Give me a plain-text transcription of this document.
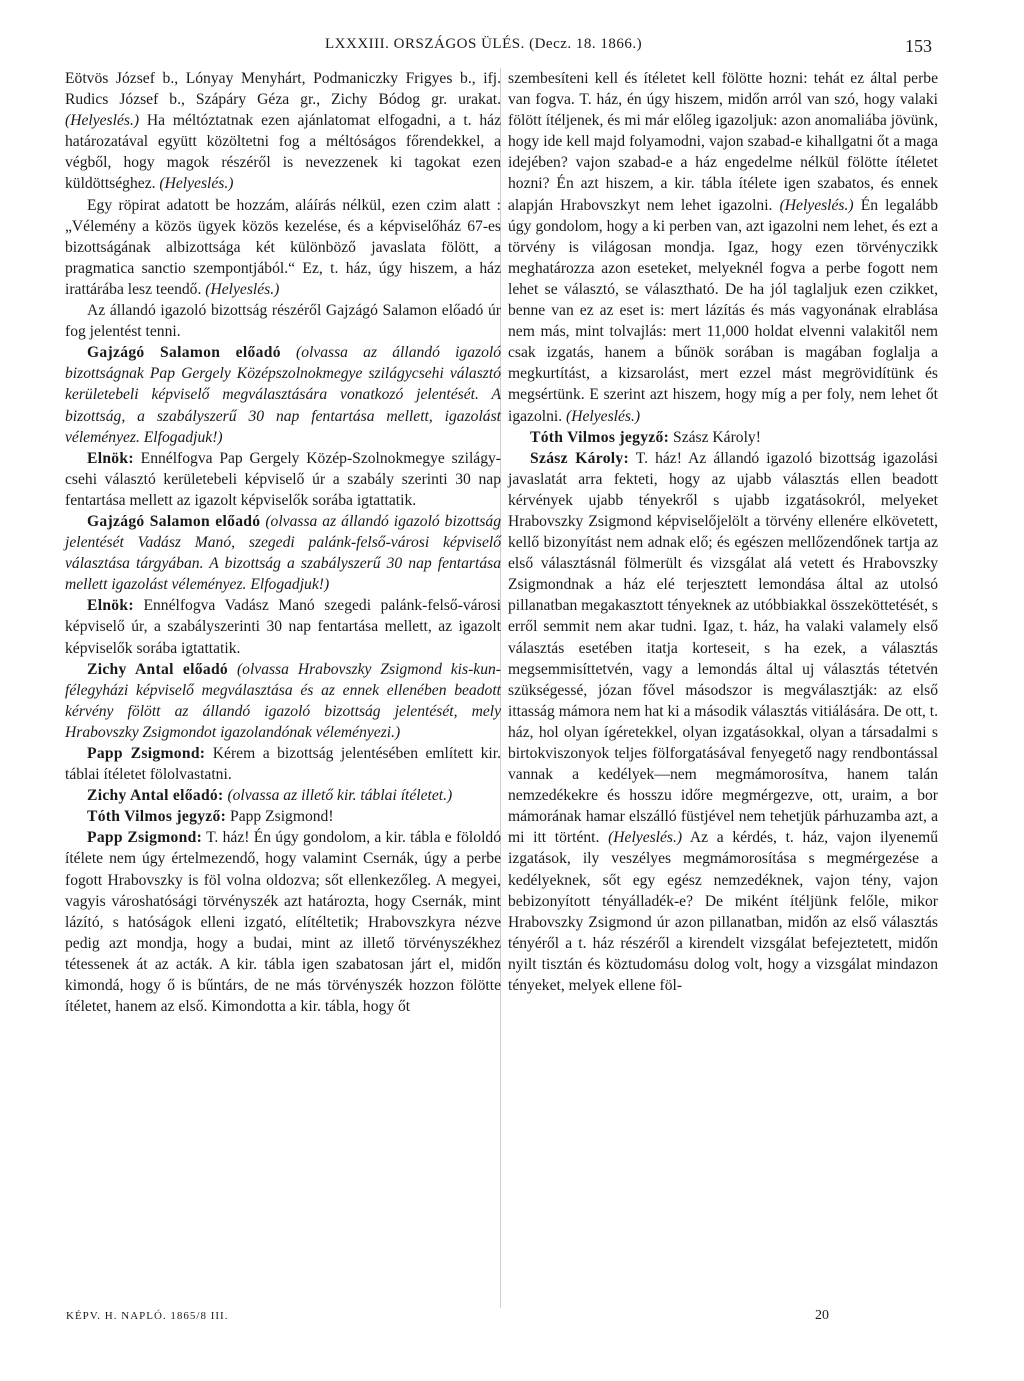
LXXXIII. ORSZÁGOS ÜLÉS. (Decz. 18. 1866.)	153

Eötvös József b., Lónyay Menyhárt, Podmaniczky Frigyes b., ifj. Rudics József b., Szápáry Géza gr., Zichy Bódog gr. urakat. (Helyeslés.) Ha méltóztatnak ezen ajánlatomat elfogadni, a t. ház határozatával együtt közöltetni fog a méltóságos főrendekkel, a végből, hogy magok részéről is nevezzenek ki tagokat ezen küldöttséghez. (Helyeslés.)

Egy röpirat adatott be hozzám, aláírás nélkül, ezen czim alatt : „Vélemény a közös ügyek közös kezelése, és a képviselőház 67-es bizottságának albizottsága két különböző javaslata fölött, a pragmatica sanctio szempontjából.“ Ez, t. ház, úgy hiszem, a ház irattárába lesz teendő. (Helyeslés.)

Az állandó igazoló bizottság részéről Gajzágó Salamon előadó úr fog jelentést tenni.

Gajzágó Salamon előadó (olvassa az állandó igazoló bizottságnak Pap Gergely Középszolnokmegye szilágycsehi választó kerületebeli képviselő megválasztására vonatkozó jelentését. A bizottság, a szabályszerű 30 nap fentartása mellett, igazolást véleményez. Elfogadjuk!)

Elnök: Ennélfogva Pap Gergely Közép-Szolnokmegye szilágy-csehi választó kerületebeli képviselő úr a szabály szerinti 30 nap fentartása mellett az igazolt képviselők sorába igtattatik.

Gajzágó Salamon előadó (olvassa az állandó igazoló bizottság jelentését Vadász Manó, szegedi palánk-felső-városi képviselő választása tárgyában. A bizottság a szabályszerű 30 nap fentartása mellett igazolást véleményez. Elfogadjuk!)

Elnök: Ennélfogva Vadász Manó szegedi palánk-felső-városi képviselő úr, a szabályszerinti 30 nap fentartása mellett, az igazolt képviselők sorába igtattatik.

Zichy Antal előadó (olvassa Hrabovszky Zsigmond kis-kun-félegyházi képviselő megválasztása és az ennek ellenében beadott kérvény fölött az állandó igazoló bizottság jelentését, mely Hrabovszky Zsigmondot igazolandónak véleményezi.)

Papp Zsigmond: Kérem a bizottság jelentésében említett kir. táblai ítéletet fölolvastatni.

Zichy Antal előadó: (olvassa az illető kir. táblai ítéletet.)

Tóth Vilmos jegyző: Papp Zsigmond!

Papp Zsigmond: T. ház! Én úgy gondolom, a kir. tábla e föloldó ítélete nem úgy értelmezendő, hogy valamint Csernák, úgy a perbe fogott Hrabovszky is föl volna oldozva; sőt ellenkezőleg. A megyei, vagyis városhatósági törvényszék azt határozta, hogy Csernák, mint lázító, s hatóságok elleni izgató, elítéltetik; Hrabovszkyra nézve pedig azt mondja, hogy a budai, mint az illető törvényszékhez tétessenek át az acták. A kir. tábla igen szabatosan járt el, midőn kimondá, hogy ő is bűntárs, de ne más törvényszék hozzon fölötte ítéletet, hanem az első. Kimondotta a kir. tábla, hogy őt

szembesíteni kell és ítéletet kell fölötte hozni: tehát ez által perbe van fogva. T. ház, én úgy hiszem, midőn arról van szó, hogy valaki fölött ítéljenek, és mi már előleg igazoljuk: azon anomaliába jövünk, hogy ide kell majd folyamodni, vajon szabad-e kihallgatni őt a maga idejében? vajon szabad-e a ház engedelme nélkül fölötte ítéletet hozni? Én azt hiszem, a kir. tábla ítélete igen szabatos, és ennek alapján Hrabovszkyt nem lehet igazolni. (Helyeslés.) Én legalább úgy gondolom, hogy a ki perben van, azt igazolni nem lehet, és ezt a törvény is világosan mondja. Igaz, hogy ezen törvényczikk meghatározza azon eseteket, melyeknél fogva a perbe fogott nem lehet se választó, se választható. De ha jól taglaljuk ezen czikket, benne van ez az eset is: mert lázítás és más vagyonának elrablása nem más, mint tolvajlás: mert 11,000 holdat elvenni valakitől nem csak izgatás, hanem a bűnök sorában is magában foglalja a megkurtítást, a kizsarolást, mert ezzel mást megrövidítünk és megsértünk. E szerint azt hiszem, hogy míg a per foly, nem lehet őt igazolni. (Helyeslés.)

Tóth Vilmos jegyző: Szász Károly!

Szász Károly: T. ház! Az állandó igazoló bizottság igazolási javaslatát arra fekteti, hogy az ujabb választás ellen beadott kérvények ujabb tényekről s ujabb izgatásokról, melyeket Hrabovszky Zsigmond képviselőjelölt a törvény ellenére elkövetett, kellő bizonyítást nem adnak elő; és egészen mellőzendőnek tartja az első választásnál fölmerült és vizsgálat alá vetett és Hrabovszky Zsigmondnak a ház elé terjesztett lemondása által az utolsó pillanatban megakasztott tényeknek az utóbbiakkal összeköttetését, s erről semmit nem akar tudni. Igaz, t. ház, ha valaki valamely első választás esetében itatja korteseit, s ha ezek, a választás megsemmisíttetvén, vagy a lemondás által uj választás tétetvén szükségessé, józan fővel másodszor is megválasztják: az első ittasság mámora nem hat ki a második választás vitiálására. De ott, t. ház, hol olyan ígéretekkel, olyan izgatásokkal, olyan a társadalmi s birtokviszonyok teljes fölforgatásával fenyegető nagy rendbontással vannak a kedélyek—nem megmámorosítva, hanem talán nemzedékekre és hosszu időre megmérgezve, ott, uraim, a bor mámorának hamar elszálló füstjével nem tehetjük párhuzamba azt, a mi itt történt. (Helyeslés.) Az a kérdés, t. ház, vajon ilyenemű izgatások, ily veszélyes megmámorosítása s megmérgezése a kedélyeknek, sőt egy egész nemzedéknek, vajon tény, vajon bebizonyított tényálladék-e? De miként ítéljünk felőle, mikor Hrabovszky Zsigmond úr azon pillanatban, midőn az első választás tényéről a t. ház részéről a kirendelt vizsgálat befejeztetett, midőn nyilt tisztán és köztudomásu dolog volt, hogy a vizsgálat mindazon tényeket, melyek ellene föl-

KÉPV. H. NAPLÓ. 1865/8 III.	20
